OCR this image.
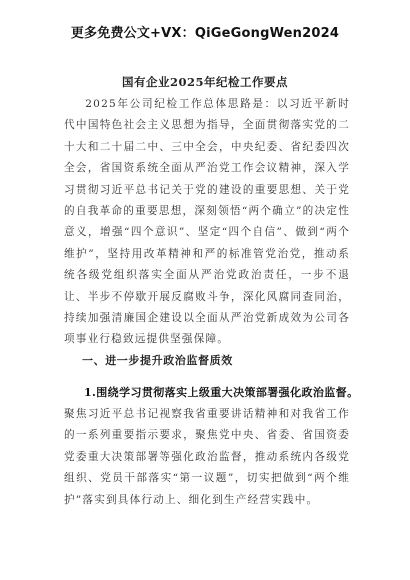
更多免费公文+VX：QiGeGongWen2024
国有企业2025年纪检工作要点
2025年公司纪检工作总体思路是：以习近平新时代中国特色社会主义思想为指导，全面贯彻落实党的二十大和二十届二中、三中全会，中央纪委、省纪委四次全会，省国资系统全面从严治党工作会议精神，深入学习贯彻习近平总书记关于党的建设的重要思想、关于党的自我革命的重要思想，深刻领悟“两个确立”的决定性意义，增强“四个意识”、坚定“四个自信”、做到“两个维护”，坚持用改革精神和严的标准管党治党，推动系统各级党组织落实全面从严治党政治责任，一步不退让、半步不停歇开展反腐败斗争，深化风腐同查同治，持续加强清廉国企建设以全面从严治党新成效为公司各项事业行稳致远提供坚强保障。
一、进一步提升政治监督质效
1.围绕学习贯彻落实上级重大决策部署强化政治监督。
聚焦习近平总书记视察我省重要讲话精神和对我省工作的一系列重要指示要求，聚焦党中央、省委、省国资委党委重大决策部署等强化政治监督，推动系统内各级党组织、党员干部落实“第一议题”，切实把做到“两个维护”落实到具体行动上、细化到生产经营实践中。
